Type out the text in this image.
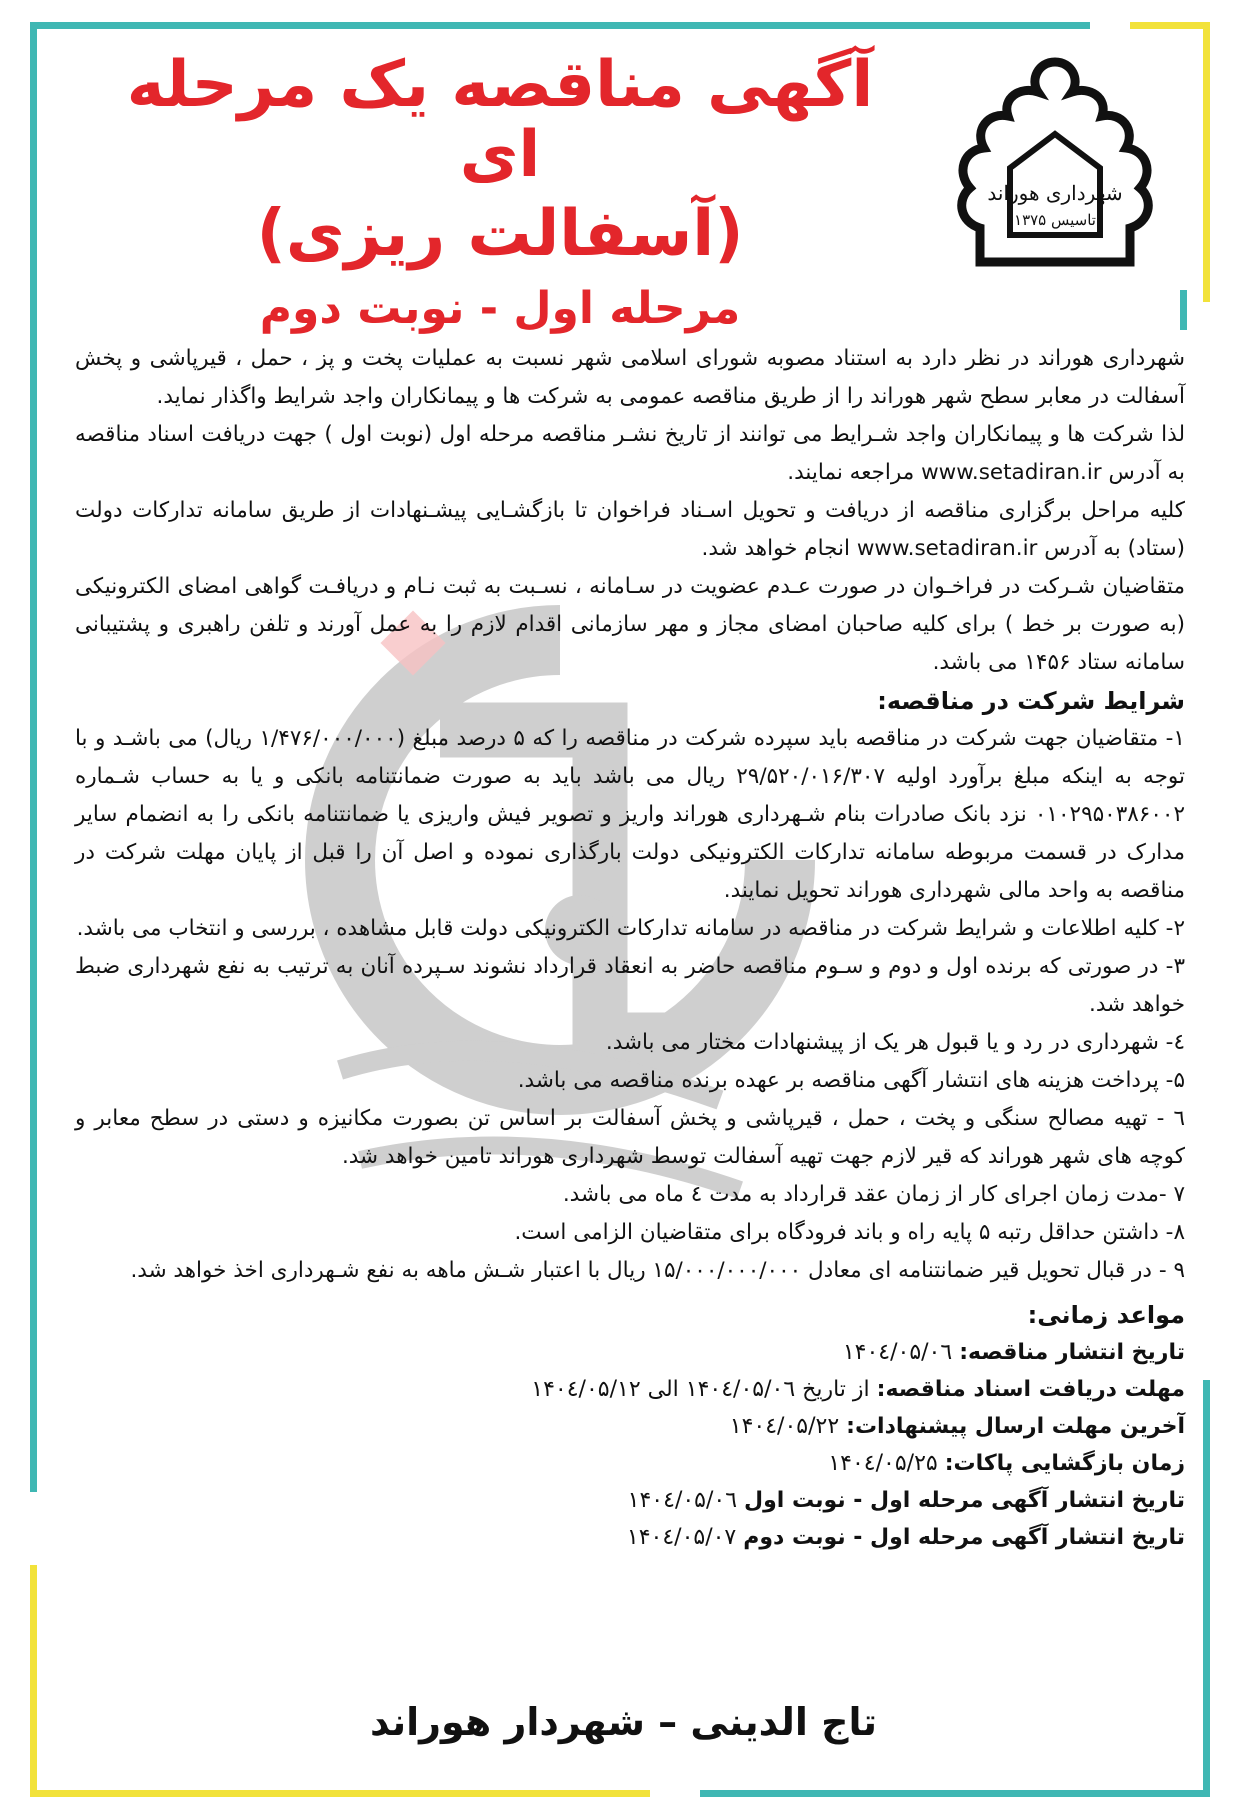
شهرداری هوراند
تاسیس ۱۳۷۵

آگهی مناقصه یک مرحله ای

(آسفالت ریزی)

مرحله اول - نوبت دوم

شهرداری هوراند در نظر دارد به استناد مصوبه شورای اسلامی شهر نسبت به عملیات پخت و پز ، حمل ، قیرپاشی و پخش آسفالت در معابر سطح شهر هوراند را از طریق مناقصه عمومی به شرکت ها و پیمانکاران واجد شرایط واگذار نماید.

لذا شرکت ها و پیمانکاران واجد شـرایط می توانند از تاریخ نشـر مناقصه مرحله اول (نوبت اول ) جهت دریافت اسناد مناقصه به آدرس www.setadiran.ir مراجعه نمایند.

کلیه مراحل برگزاری مناقصه از دریافت و تحویل اسـناد فراخوان تا بازگشـایی پیشـنهادات از طریق سامانه تدارکات دولت (ستاد) به آدرس www.setadiran.ir انجام خواهد شد.

متقاضیان شـرکت در فراخـوان در صورت عـدم عضویت در سـامانه ، نسـبت به ثبت نـام و دریافـت گواهی امضای الکترونیکی (به صورت بر خط ) برای کلیه صاحبان امضای مجاز و مهر سازمانی اقدام لازم را به عمل آورند و تلفن راهبری و پشتیبانی سامانه ستاد ۱۴۵۶ می باشد.

شرایط شرکت در مناقصه:

۱- متقاضیان جهت شرکت در مناقصه باید سپرده شرکت در مناقصه را که ۵ درصد مبلغ (۱/۴۷۶/۰۰۰/۰۰۰ ریال) می باشـد و با توجه به اینکه مبلغ برآورد اولیه ۲۹/۵۲۰/۰۱۶/۳۰۷ ریال می باشد باید به صورت ضمانتنامه بانکی و یا به حساب شـماره ۰۱۰۲۹۵۰۳۸۶۰۰۲ نزد بانک صادرات بنام شـهرداری هوراند واریز و تصویر فیش واریزی یا ضمانتنامه بانکی را به انضمام سایر مدارک در قسمت مربوطه سامانه تدارکات الکترونیکی دولت بارگذاری نموده و اصل آن را قبل از پایان مهلت شرکت در مناقصه به واحد مالی شهرداری هوراند تحویل نمایند.

۲- کلیه اطلاعات و شرایط شرکت در مناقصه در سامانه تدارکات الکترونیکی دولت قابل مشاهده ، بررسی و انتخاب می باشد.

۳- در صورتی که برنده اول و دوم و سـوم مناقصه حاضر به انعقاد قرارداد نشوند سـپرده آنان به ترتیب به نفع شهرداری ضبط خواهد شد.

٤- شهرداری در رد و یا قبول هر یک از پیشنهادات مختار می باشد.

۵- پرداخت هزینه های انتشار آگهی مناقصه بر عهده برنده مناقصه می باشد.

٦ - تهیه مصالح سنگی و پخت ، حمل ، قیرپاشی و پخش آسفالت بر اساس تن بصورت مکانیزه و دستی در سطح معابر و کوچه های شهر هوراند که قیر لازم جهت تهیه آسفالت توسط شهرداری هوراند تامین خواهد شد.

۷ -مدت زمان اجرای کار از زمان عقد قرارداد به مدت ٤ ماه می باشد.

۸- داشتن حداقل رتبه ۵ پایه راه و باند فرودگاه برای متقاضیان الزامی است.

۹ - در قبال تحویل قیر ضمانتنامه ای معادل ۱۵/۰۰۰/۰۰۰/۰۰۰ ریال با اعتبار شـش ماهه به نفع شـهرداری اخذ خواهد شد.

مواعد زمانی:

تاریخ انتشار مناقصه: ۱۴۰٤/۰۵/۰٦

مهلت دریافت اسناد مناقصه: از تاریخ ۱۴۰٤/۰۵/۰٦ الی ۱۴۰٤/۰۵/۱۲

آخرین مهلت ارسال پیشنهادات: ۱۴۰٤/۰۵/۲۲

زمان بازگشایی پاکات: ۱۴۰٤/۰۵/۲۵

تاریخ انتشار آگهی مرحله اول - نوبت اول ۱۴۰٤/۰۵/۰٦

تاریخ انتشار آگهی مرحله اول - نوبت دوم ۱۴۰٤/۰۵/۰۷

تاج الدینی – شهردار هوراند
